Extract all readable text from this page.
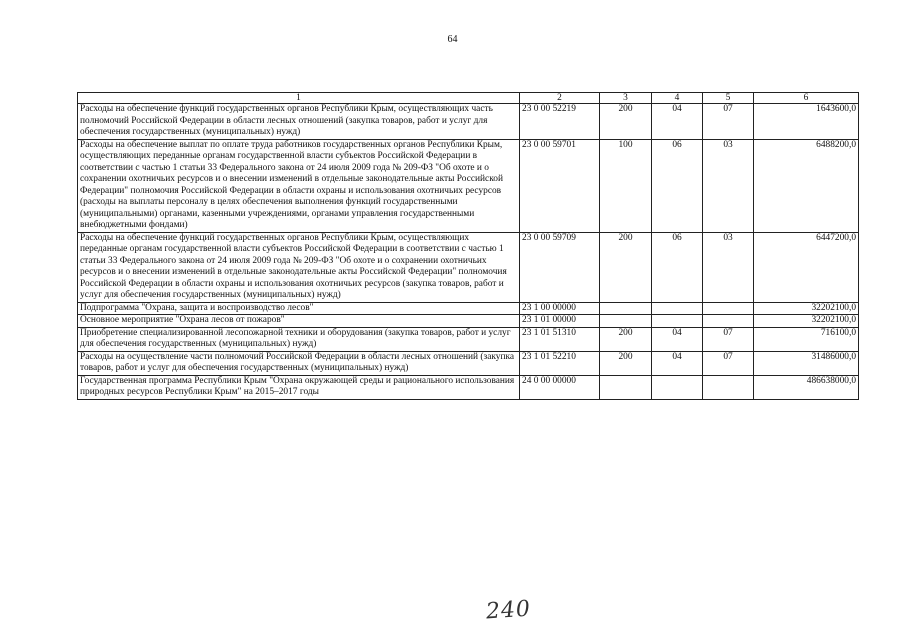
64
1	2	3	4	5	6
Расходы на обеспечение функций государственных органов Республики Крым, осуществляющих часть полномочий Российской Федерации в области лесных отношений (закупка товаров, работ и услуг для обеспечения государственных (муниципальных) нужд)	23 0 00 52219	200	04	07	1643600,0
Расходы на обеспечение выплат по оплате труда работников государственных органов Республики Крым, осуществляющих переданные органам государственной власти субъектов Российской Федерации в соответствии с частью 1 статьи 33 Федерального закона от 24 июля 2009 года № 209-ФЗ "Об охоте и о сохранении охотничьих ресурсов и о внесении изменений в отдельные законодательные акты Российской Федерации" полномочия Российской Федерации в области охраны и использования охотничьих ресурсов (расходы на выплаты персоналу в целях обеспечения выполнения функций государственными (муниципальными) органами, казенными учреждениями, органами управления государственными внебюджетными фондами)	23 0 00 59701	100	06	03	6488200,0
Расходы на обеспечение функций государственных органов Республики Крым, осуществляющих переданные органам государственной власти субъектов Российской Федерации в соответствии с частью 1 статьи 33 Федерального закона от 24 июля 2009 года № 209-ФЗ "Об охоте и о сохранении охотничьих ресурсов и о внесении изменений в отдельные законодательные акты Российской Федерации" полномочия Российской Федерации в области охраны и использования охотничьих ресурсов (закупка товаров, работ и услуг для обеспечения государственных (муниципальных) нужд)	23 0 00 59709	200	06	03	6447200,0
Подпрограмма "Охрана, защита и воспроизводство лесов"	23 1 00 00000				32202100,0
Основное мероприятие "Охрана лесов от пожаров"	23 1 01 00000				32202100,0
Приобретение специализированной лесопожарной техники и оборудования (закупка товаров, работ и услуг для обеспечения государственных (муниципальных) нужд)	23 1 01 51310	200	04	07	716100,0
Расходы на осуществление части полномочий Российской Федерации в области лесных отношений (закупка товаров, работ и услуг для обеспечения государственных (муниципальных) нужд)	23 1 01 52210	200	04	07	31486000,0
Государственная программа Республики Крым "Охрана окружающей среды и рационального использования природных ресурсов Республики Крым" на 2015–2017 годы	24 0 00 00000				486638000,0
240
